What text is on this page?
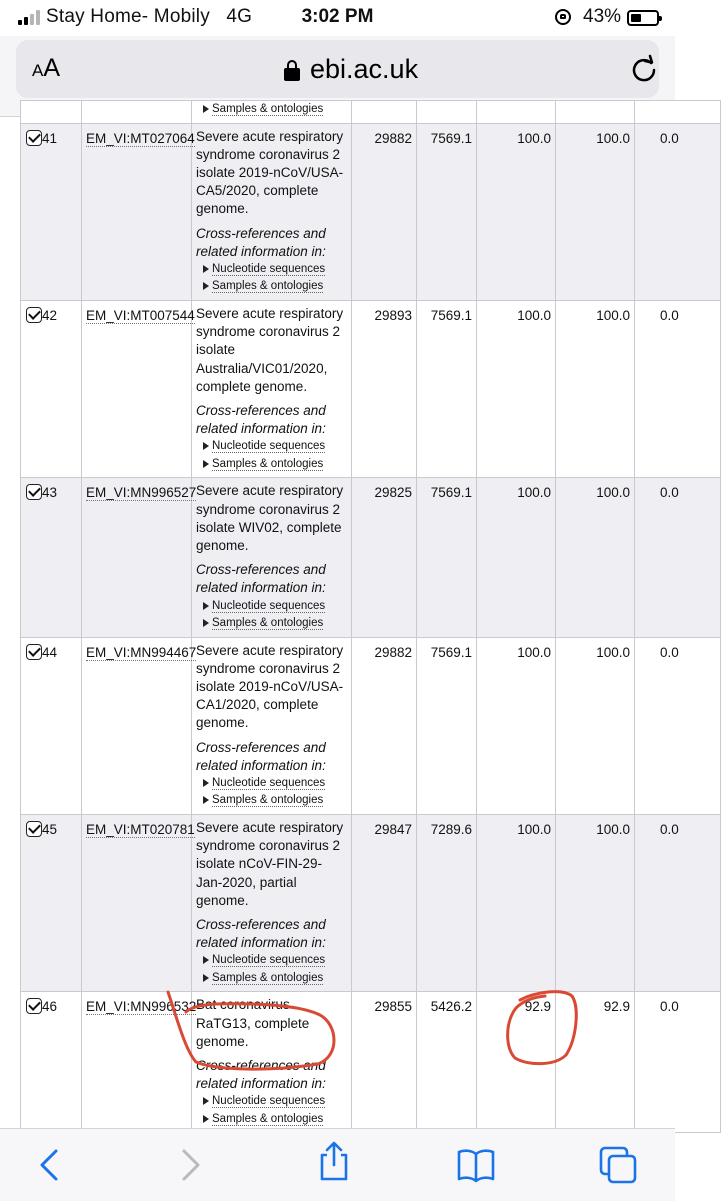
Stay Home- Mobily 4G	3:02 PM	43%
AA	ebi.ac.uk

		Samples & ontologies					

41	EM_VI:MT027064	Severe acute respiratory syndrome coronavirus 2 isolate 2019-nCoV/USA-CA5/2020, complete genome.
Cross-references and related information in:
Nucleotide sequences
Samples & ontologies	29882	7569.1	100.0	100.0	0.0
42	EM_VI:MT007544	Severe acute respiratory syndrome coronavirus 2 isolate Australia/VIC01/2020, complete genome.
Cross-references and related information in:
Nucleotide sequences
Samples & ontologies	29893	7569.1	100.0	100.0	0.0
43	EM_VI:MN996527	Severe acute respiratory syndrome coronavirus 2 isolate WIV02, complete genome.
Cross-references and related information in:
Nucleotide sequences
Samples & ontologies	29825	7569.1	100.0	100.0	0.0
44	EM_VI:MN994467	Severe acute respiratory syndrome coronavirus 2 isolate 2019-nCoV/USA-CA1/2020, complete genome.
Cross-references and related information in:
Nucleotide sequences
Samples & ontologies	29882	7569.1	100.0	100.0	0.0
45	EM_VI:MT020781	Severe acute respiratory syndrome coronavirus 2 isolate nCoV-FIN-29-Jan-2020, partial genome.
Cross-references and related information in:
Nucleotide sequences
Samples & ontologies	29847	7289.6	100.0	100.0	0.0
46	EM_VI:MN996532	Bat coronavirus RaTG13, complete genome.
Cross-references and related information in:
Nucleotide sequences
Samples & ontologies	29855	5426.2	92.9	92.9	0.0
